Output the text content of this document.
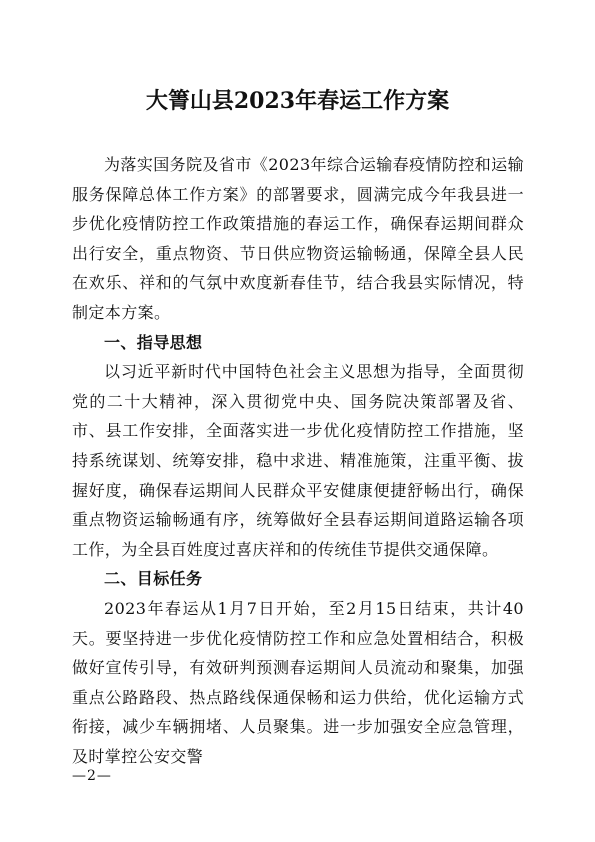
大箐山县2023年春运工作方案

为落实国务院及省市《2023年综合运输春疫情防控和运输服务保障总体工作方案》的部署要求，圆满完成今年我县进一步优化疫情防控工作政策措施的春运工作，确保春运期间群众出行安全，重点物资、节日供应物资运输畅通，保障全县人民在欢乐、祥和的气氛中欢度新春佳节，结合我县实际情况，特制定本方案。

一、指导思想

以习近平新时代中国特色社会主义思想为指导，全面贯彻党的二十大精神，深入贯彻党中央、国务院决策部署及省、市、县工作安排，全面落实进一步优化疫情防控工作措施，坚持系统谋划、统筹安排，稳中求进、精准施策，注重平衡、拔握好度，确保春运期间人民群众平安健康便捷舒畅出行，确保重点物资运输畅通有序，统筹做好全县春运期间道路运输各项工作，为全县百姓度过喜庆祥和的传统佳节提供交通保障。

二、目标任务

2023年春运从1月7日开始，至2月15日结束，共计40天。要坚持进一步优化疫情防控工作和应急处置相结合，积极做好宣传引导，有效研判预测春运期间人员流动和聚集，加强重点公路路段、热点路线保通保畅和运力供给，优化运输方式衔接，减少车辆拥堵、人员聚集。进一步加强安全应急管理，及时掌控公安交警

—2—
